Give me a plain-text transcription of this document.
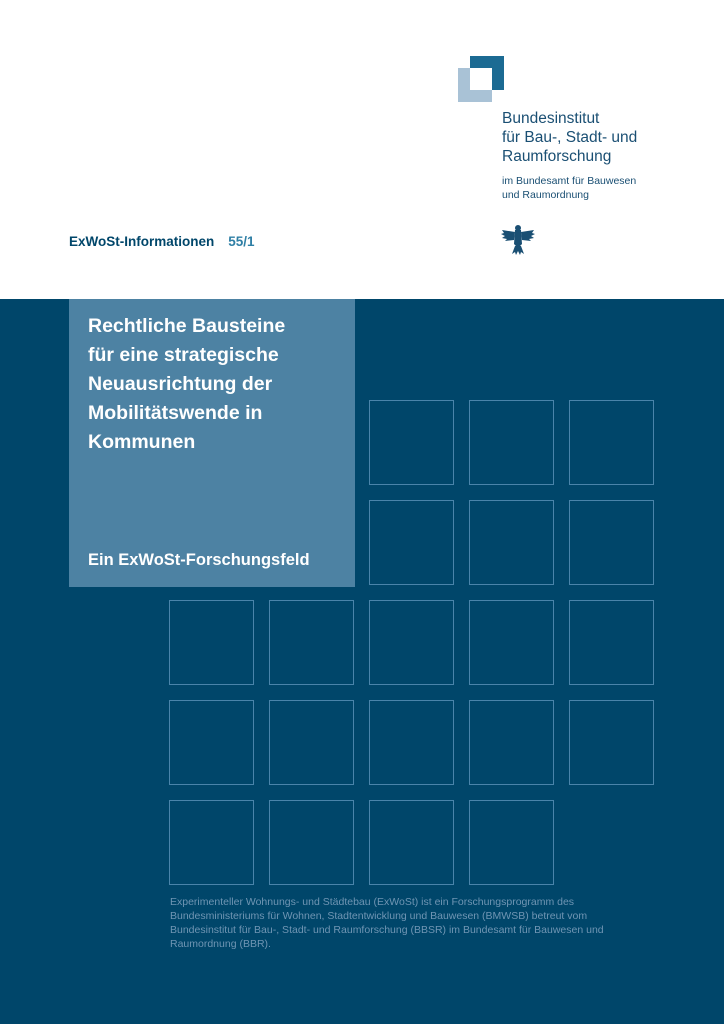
Bundesinstitut
für Bau-, Stadt- und
Raumforschung

im Bundesamt für Bauwesen
und Raumordnung

ExWoSt-Informationen 55/1
Rechtliche Bausteine
für eine strategische
Neuausrichtung der
Mobilitätswende in
Kommunen

Ein ExWoSt-Forschungsfeld

Experimenteller Wohnungs- und Städtebau (ExWoSt) ist ein Forschungsprogramm des Bundesministeriums für Wohnen, Stadtentwicklung und Bauwesen (BMWSB) betreut vom Bundesinstitut für Bau-, Stadt- und Raumforschung (BBSR) im Bundesamt für Bauwesen und Raumordnung (BBR).
